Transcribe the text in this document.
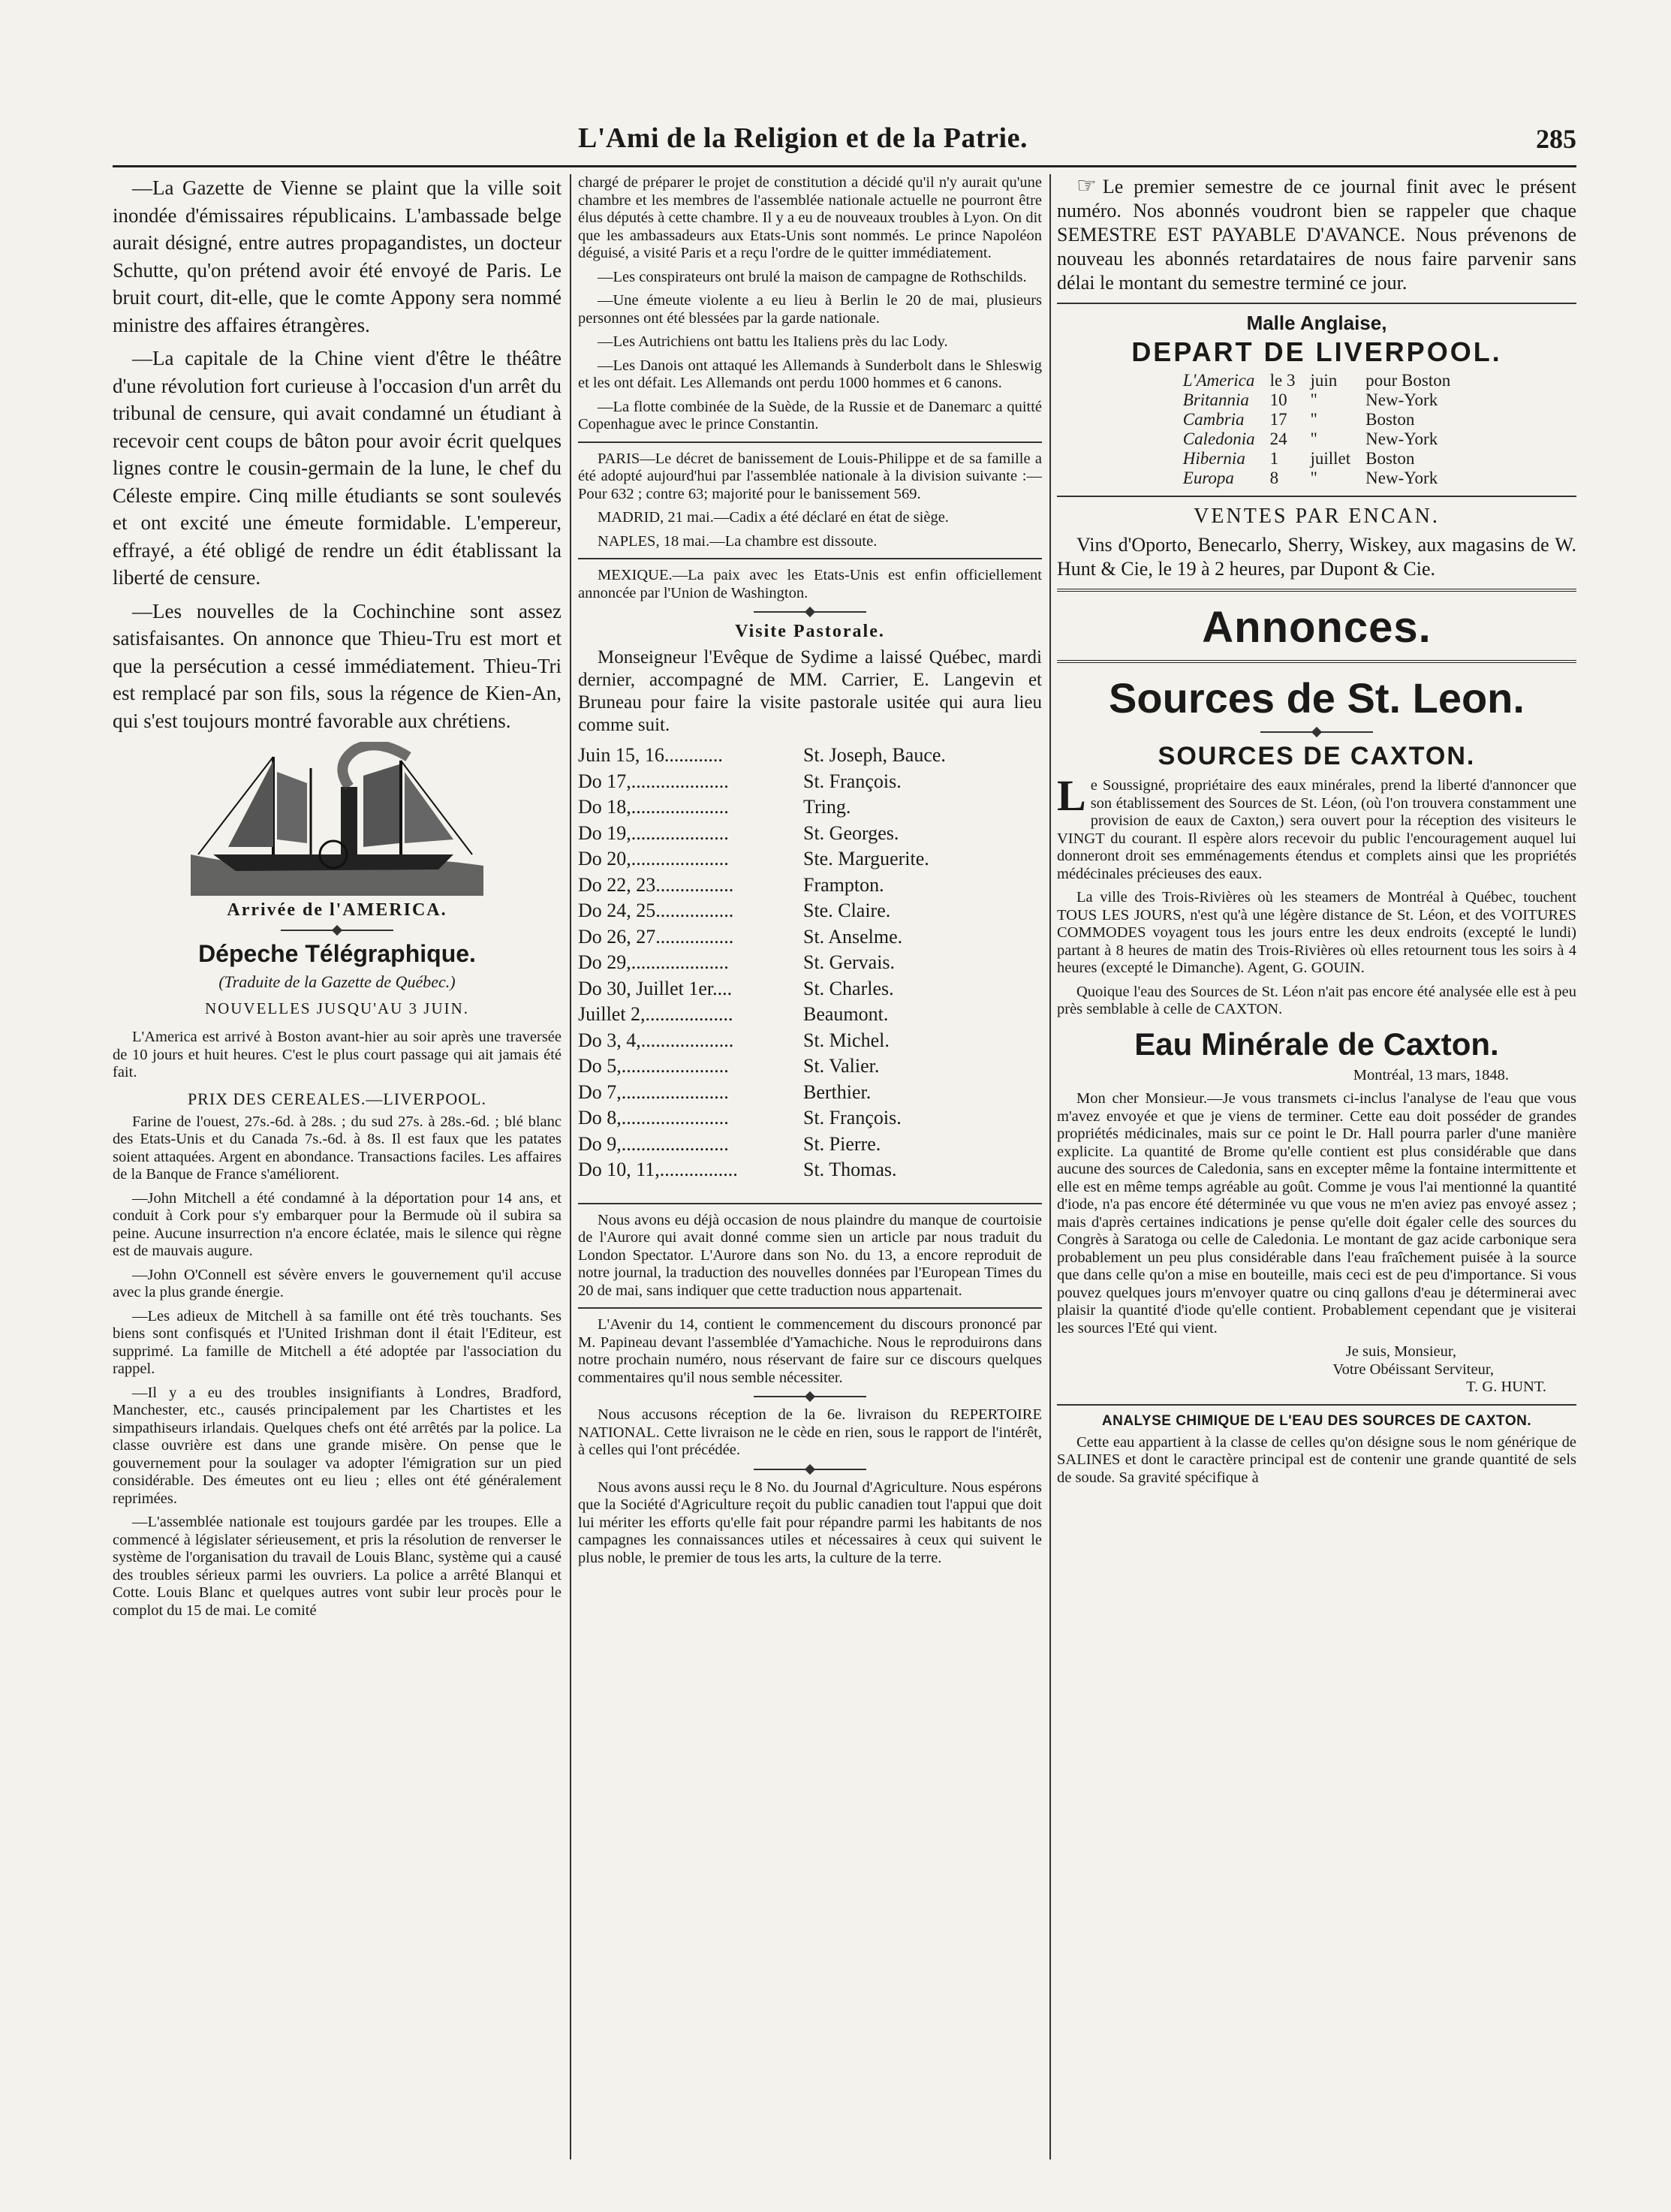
L'Ami de la Religion et de la Patrie.	285

—La Gazette de Vienne se plaint que la ville soit inondée d'émissaires républicains. L'ambassade belge aurait désigné, entre autres propagandistes, un docteur Schutte, qu'on prétend avoir été envoyé de Paris. Le bruit court, dit-elle, que le comte Appony sera nommé ministre des affaires étrangères.

—La capitale de la Chine vient d'être le théâtre d'une révolution fort curieuse à l'occasion d'un arrêt du tribunal de censure, qui avait condamné un étudiant à recevoir cent coups de bâton pour avoir écrit quelques lignes contre le cousin-germain de la lune, le chef du Céleste empire. Cinq mille étudiants se sont soulevés et ont excité une émeute formidable. L'empereur, effrayé, a été obligé de rendre un édit établissant la liberté de censure.

—Les nouvelles de la Cochinchine sont assez satisfaisantes. On annonce que Thieu-Tru est mort et que la persécution a cessé immédiatement. Thieu-Tri est remplacé par son fils, sous la régence de Kien-An, qui s'est toujours montré favorable aux chrétiens.

Arrivée de l'AMERICA.
Dépeche Télégraphique.
(Traduite de la Gazette de Québec.)
NOUVELLES JUSQU'AU 3 JUIN.

L'America est arrivé à Boston avant-hier au soir après une traversée de 10 jours et huit heures. C'est le plus court passage qui ait jamais été fait.

PRIX DES CEREALES.—LIVERPOOL.

Farine de l'ouest, 27s.-6d. à 28s. ; du sud 27s. à 28s.-6d. ; blé blanc des Etats-Unis et du Canada 7s.-6d. à 8s. Il est faux que les patates soient attaquées. Argent en abondance. Transactions faciles. Les affaires de la Banque de France s'améliorent.

—John Mitchell a été condamné à la déportation pour 14 ans, et conduit à Cork pour s'y embarquer pour la Bermude où il subira sa peine. Aucune insurrection n'a encore éclatée, mais le silence qui règne est de mauvais augure.

—John O'Connell est sévère envers le gouvernement qu'il accuse avec la plus grande énergie.

—Les adieux de Mitchell à sa famille ont été très touchants. Ses biens sont confisqués et l'United Irishman dont il était l'Editeur, est supprimé. La famille de Mitchell a été adoptée par l'association du rappel.

—Il y a eu des troubles insignifiants à Londres, Bradford, Manchester, etc., causés principalement par les Chartistes et les simpathiseurs irlandais. Quelques chefs ont été arrêtés par la police. La classe ouvrière est dans une grande misère. On pense que le gouvernement pour la soulager va adopter l'émigration sur un pied considérable. Des émeutes ont eu lieu ; elles ont été généralement reprimées.

—L'assemblée nationale est toujours gardée par les troupes. Elle a commencé à législater sérieusement, et pris la résolution de renverser le système de l'organisation du travail de Louis Blanc, système qui a causé des troubles sérieux parmi les ouvriers. La police a arrêté Blanqui et Cotte. Louis Blanc et quelques autres vont subir leur procès pour le complot du 15 de mai. Le comité

chargé de préparer le projet de constitution a décidé qu'il n'y aurait qu'une chambre et les membres de l'assemblée nationale actuelle ne pourront être élus députés à cette chambre. Il y a eu de nouveaux troubles à Lyon. On dit que les ambassadeurs aux Etats-Unis sont nommés. Le prince Napoléon déguisé, a visité Paris et a reçu l'ordre de le quitter immédiatement.

—Les conspirateurs ont brulé la maison de campagne de Rothschilds.

—Une émeute violente a eu lieu à Berlin le 20 de mai, plusieurs personnes ont été blessées par la garde nationale.

—Les Autrichiens ont battu les Italiens près du lac Lody.

—Les Danois ont attaqué les Allemands à Sunderbolt dans le Shleswig et les ont défait. Les Allemands ont perdu 1000 hommes et 6 canons.

—La flotte combinée de la Suède, de la Russie et de Danemarc a quitté Copenhague avec le prince Constantin.

PARIS—Le décret de banissement de Louis-Philippe et de sa famille a été adopté aujourd'hui par l'assemblée nationale à la division suivante :— Pour 632 ; contre 63; majorité pour le banissement 569.

MADRID, 21 mai.—Cadix a été déclaré en état de siège.

NAPLES, 18 mai.—La chambre est dissoute.

MEXIQUE.—La paix avec les Etats-Unis est enfin officiellement annoncée par l'Union de Washington.

Visite Pastorale.

Monseigneur l'Evêque de Sydime a laissé Québec, mardi dernier, accompagné de MM. Carrier, E. Langevin et Bruneau pour faire la visite pastorale usitée qui aura lieu comme suit.

Juin 15, 16............	St. Joseph, Bauce.
Do 17,....................	St. François.
Do 18,....................	Tring.
Do 19,....................	St. Georges.
Do 20,....................	Ste. Marguerite.
Do 22, 23................	Frampton.
Do 24, 25................	Ste. Claire.
Do 26, 27................	St. Anselme.
Do 29,....................	St. Gervais.
Do 30, Juillet 1er....	St. Charles.
Juillet 2,..................	Beaumont.
Do 3, 4,...................	St. Michel.
Do 5,......................	St. Valier.
Do 7,......................	Berthier.
Do 8,......................	St. François.
Do 9,......................	St. Pierre.
Do 10, 11,................	St. Thomas.

Nous avons eu déjà occasion de nous plaindre du manque de courtoisie de l'Aurore qui avait donné comme sien un article par nous traduit du London Spectator. L'Aurore dans son No. du 13, a encore reproduit de notre journal, la traduction des nouvelles données par l'European Times du 20 de mai, sans indiquer que cette traduction nous appartenait.

L'Avenir du 14, contient le commencement du discours prononcé par M. Papineau devant l'assemblée d'Yamachiche. Nous le reproduirons dans notre prochain numéro, nous réservant de faire sur ce discours quelques commentaires qu'il nous semble nécessiter.

Nous accusons réception de la 6e. livraison du REPERTOIRE NATIONAL. Cette livraison ne le cède en rien, sous le rapport de l'intérêt, à celles qui l'ont précédée.

Nous avons aussi reçu le 8 No. du Journal d'Agriculture. Nous espérons que la Société d'Agriculture reçoit du public canadien tout l'appui que doit lui mériter les efforts qu'elle fait pour répandre parmi les habitants de nos campagnes les connaissances utiles et nécessaires à ceux qui suivent le plus noble, le premier de tous les arts, la culture de la terre.

☞ Le premier semestre de ce journal finit avec le présent numéro. Nos abonnés voudront bien se rappeler que chaque SEMESTRE EST PAYABLE D'AVANCE. Nous prévenons de nouveau les abonnés retardataires de nous faire parvenir sans délai le montant du semestre terminé ce jour.

Malle Anglaise,
DEPART DE LIVERPOOL.
L'America	le 3	juin	pour Boston
Britannia	10	"	New-York
Cambria	17	"	Boston
Caledonia	24	"	New-York
Hibernia	1	juillet	Boston
Europa	8	"	New-York
VENTES PAR ENCAN.

Vins d'Oporto, Benecarlo, Sherry, Wiskey, aux magasins de W. Hunt & Cie, le 19 à 2 heures, par Dupont & Cie.

Annonces.
Sources de St. Leon.
SOURCES DE CAXTON.

Le Soussigné, propriétaire des eaux minérales, prend la liberté d'annoncer que son établissement des Sources de St. Léon, (où l'on trouvera constamment une provision de eaux de Caxton,) sera ouvert pour la réception des visiteurs le VINGT du courant. Il espère alors recevoir du public l'encouragement auquel lui donneront droit ses emménagements étendus et complets ainsi que les propriétés médécinales précieuses des eaux.

La ville des Trois-Rivières où les steamers de Montréal à Québec, touchent TOUS LES JOURS, n'est qu'à une légère distance de St. Léon, et des VOITURES COMMODES voyagent tous les jours entre les deux endroits (excepté le lundi) partant à 8 heures de matin des Trois-Rivières où elles retournent tous les soirs à 4 heures (excepté le Dimanche). Agent, G. GOUIN.

Quoique l'eau des Sources de St. Léon n'ait pas encore été analysée elle est à peu près semblable à celle de CAXTON.

Eau Minérale de Caxton.

Montréal, 13 mars, 1848.

Mon cher Monsieur.—Je vous transmets ci-inclus l'analyse de l'eau que vous m'avez envoyée et que je viens de terminer. Cette eau doit posséder de grandes propriétés médicinales, mais sur ce point le Dr. Hall pourra parler d'une manière explicite. La quantité de Brome qu'elle contient est plus considérable que dans aucune des sources de Caledonia, sans en excepter même la fontaine intermittente et elle est en même temps agréable au goût. Comme je vous l'ai mentionné la quantité d'iode, n'a pas encore été déterminée vu que vous ne m'en aviez pas envoyé assez ; mais d'après certaines indications je pense qu'elle doit égaler celle des sources du Congrès à Saratoga ou celle de Caledonia. Le montant de gaz acide carbonique sera probablement un peu plus considérable dans l'eau fraîchement puisée à la source que dans celle qu'on a mise en bouteille, mais ceci est de peu d'importance. Si vous pouvez quelques jours m'envoyer quatre ou cinq gallons d'eau je déterminerai avec plaisir la quantité d'iode qu'elle contient. Probablement cependant que je visiterai les sources l'Eté qui vient.

Je suis, Monsieur,

Votre Obéissant Serviteur,

T. G. HUNT.

ANALYSE CHIMIQUE DE L'EAU DES SOURCES DE CAXTON.

Cette eau appartient à la classe de celles qu'on désigne sous le nom générique de SALINES et dont le caractère principal est de contenir une grande quantité de sels de soude. Sa gravité spécifique à
